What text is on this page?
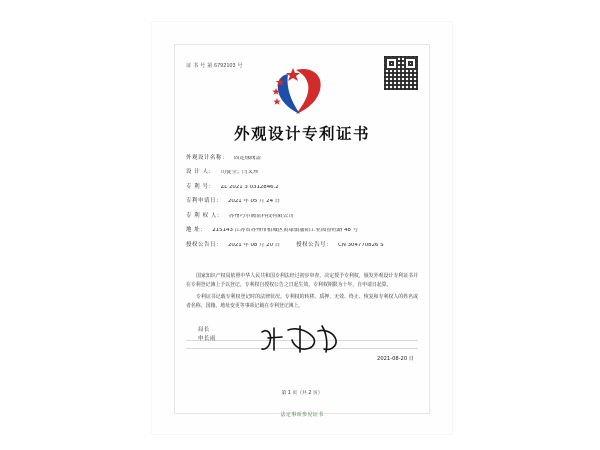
证 书 号 第 6792103 号
外观设计专利证书
外观设计名称： 固定球阀盖
设 计 人： 司徒莹；闫又珍
专 利 号： ZL 2021 3 0312846.2
专利申请日： 2021 年 05 月 24 日
专 利 权 人： 苏州巧尔阀泵科技有限公司
地 址： 215143 江苏省苏州市相城区黄埭镇潘阳工业园春旺路 48 号
授权公告日： 2021 年 08 月 20 日	授权公告号： CN 304770826 S

国家知识产权局依照中华人民共和国专利法经过初步审查，决定授予专利权，颁发外观设计专利证书并在专利登记簿上予以登记。专利权自授权公告之日起生效。专利权期限为十年，自申请日起算。

专利证书记载专利权登记时的法律状况。专利权的转移、质押、无效、终止、恢复和专利权人的姓名或者名称、国籍、地址变更等事项记载在专利登记簿上。

局长
申长雨
2021-08-20 日
第 1 页（共 2 页）
法定事项参见证书
